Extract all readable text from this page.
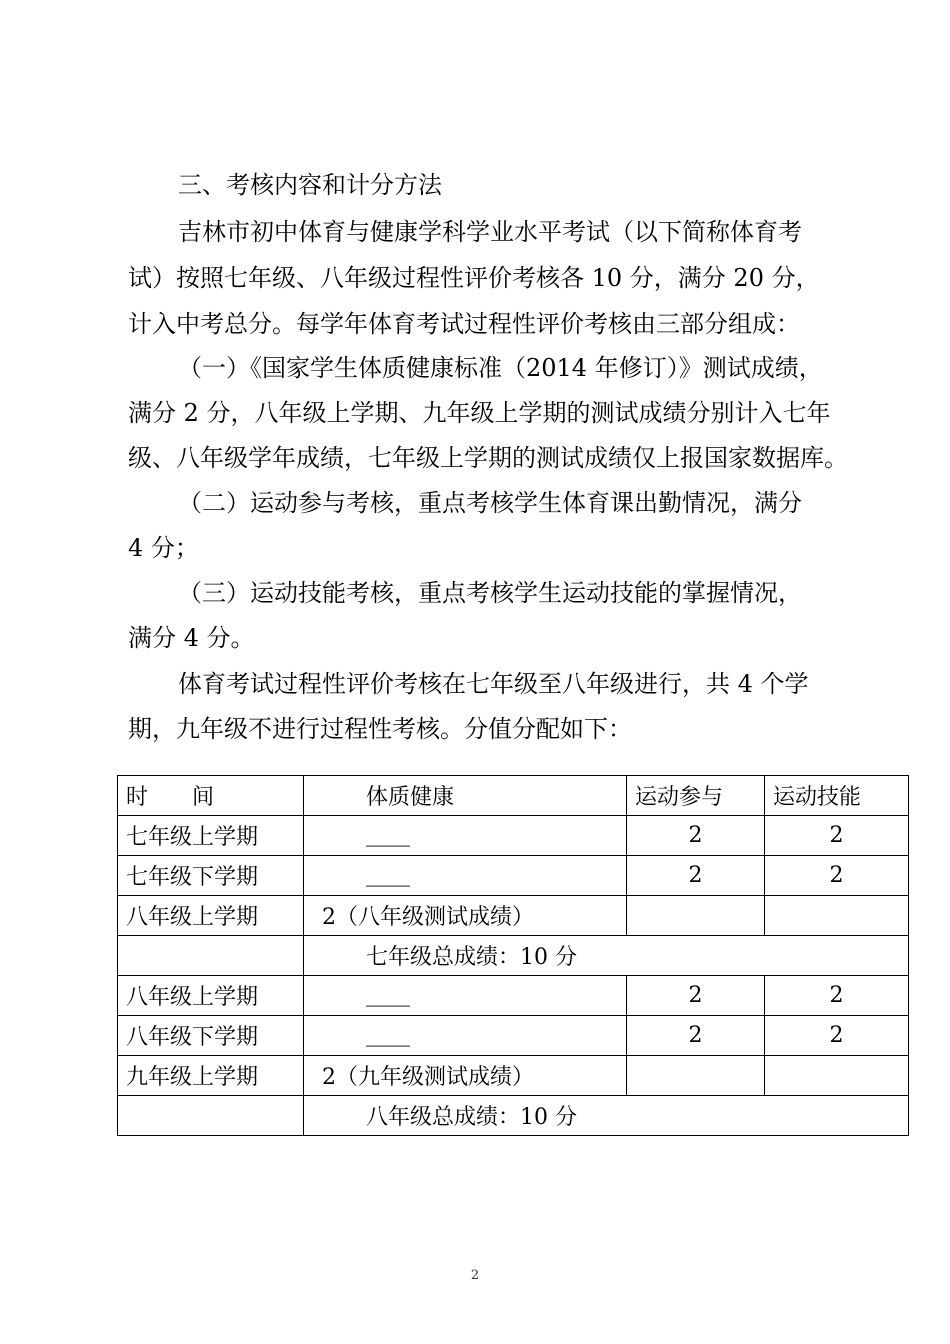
三、考核内容和计分方法
吉林市初中体育与健康学科学业水平考试（以下简称体育考
试）按照七年级、八年级过程性评价考核各 10 分，满分 20 分，
计入中考总分。每学年体育考试过程性评价考核由三部分组成：
（一）《国家学生体质健康标准（2014 年修订）》测试成绩，
满分 2 分，八年级上学期、九年级上学期的测试成绩分别计入七年
级、八年级学年成绩，七年级上学期的测试成绩仅上报国家数据库。
（二）运动参与考核，重点考核学生体育课出勤情况，满分
4 分；
（三）运动技能考核，重点考核学生运动技能的掌握情况，
满分 4 分。
体育考试过程性评价考核在七年级至八年级进行，共 4 个学
期，九年级不进行过程性考核。分值分配如下：
时　　间	体质健康	运动参与	运动技能
七年级上学期	＿＿	2	2
七年级下学期	＿＿	2	2
八年级上学期	2（八年级测试成绩）		
	七年级总成绩：10 分		
八年级上学期	＿＿	2	2
八年级下学期	＿＿	2	2
九年级上学期	2（九年级测试成绩）		
	八年级总成绩：10 分		
2
